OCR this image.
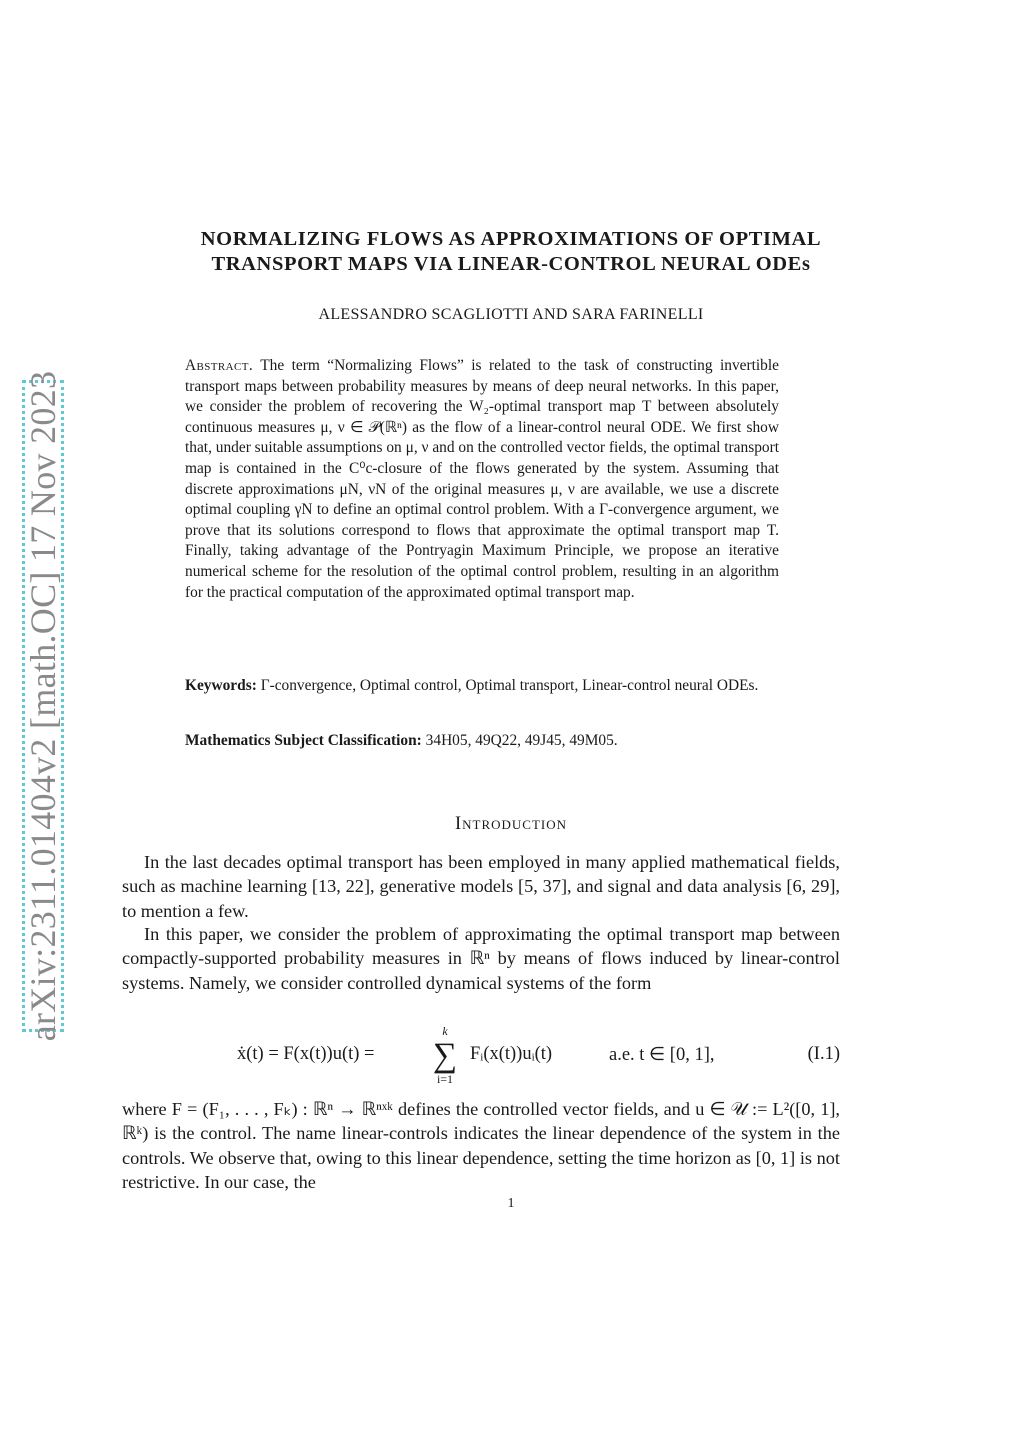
arXiv:2311.01404v2 [math.OC] 17 Nov 2023
NORMALIZING FLOWS AS APPROXIMATIONS OF OPTIMAL
TRANSPORT MAPS VIA LINEAR-CONTROL NEURAL ODEs
ALESSANDRO SCAGLIOTTI AND SARA FARINELLI
Abstract. The term “Normalizing Flows” is related to the task of constructing invertible transport maps between probability measures by means of deep neural networks. In this paper, we consider the problem of recovering the W₂-optimal transport map T between absolutely continuous measures μ, ν ∈ 𝒫(ℝⁿ) as the flow of a linear-control neural ODE. We first show that, under suitable assumptions on μ, ν and on the controlled vector fields, the optimal transport map is contained in the C⁰c-closure of the flows generated by the system. Assuming that discrete approximations μN, νN of the original measures μ, ν are available, we use a discrete optimal coupling γN to define an optimal control problem. With a Γ-convergence argument, we prove that its solutions correspond to flows that approximate the optimal transport map T. Finally, taking advantage of the Pontryagin Maximum Principle, we propose an iterative numerical scheme for the resolution of the optimal control problem, resulting in an algorithm for the practical computation of the approximated optimal transport map.
Keywords: Γ-convergence, Optimal control, Optimal transport, Linear-control neural ODEs.
Mathematics Subject Classification: 34H05, 49Q22, 49J45, 49M05.
Introduction
In the last decades optimal transport has been employed in many applied mathematical fields, such as machine learning [13, 22], generative models [5, 37], and signal and data analysis [6, 29], to mention a few.
In this paper, we consider the problem of approximating the optimal transport map between compactly-supported probability measures in ℝⁿ by means of flows induced by linear-control systems. Namely, we consider controlled dynamical systems of the form
ẋ(t) = F(x(t))u(t) =
k
∑
i=1
Fᵢ(x(t))uᵢ(t)	a.e. t ∈ [0, 1],	(I.1)
where F = (F₁, . . . , Fₖ) : ℝⁿ → ℝⁿˣᵏ defines the controlled vector fields, and u ∈ 𝒰 := L²([0, 1], ℝᵏ) is the control. The name linear-controls indicates the linear dependence of the system in the controls. We observe that, owing to this linear dependence, setting the time horizon as [0, 1] is not restrictive. In our case, the
1
